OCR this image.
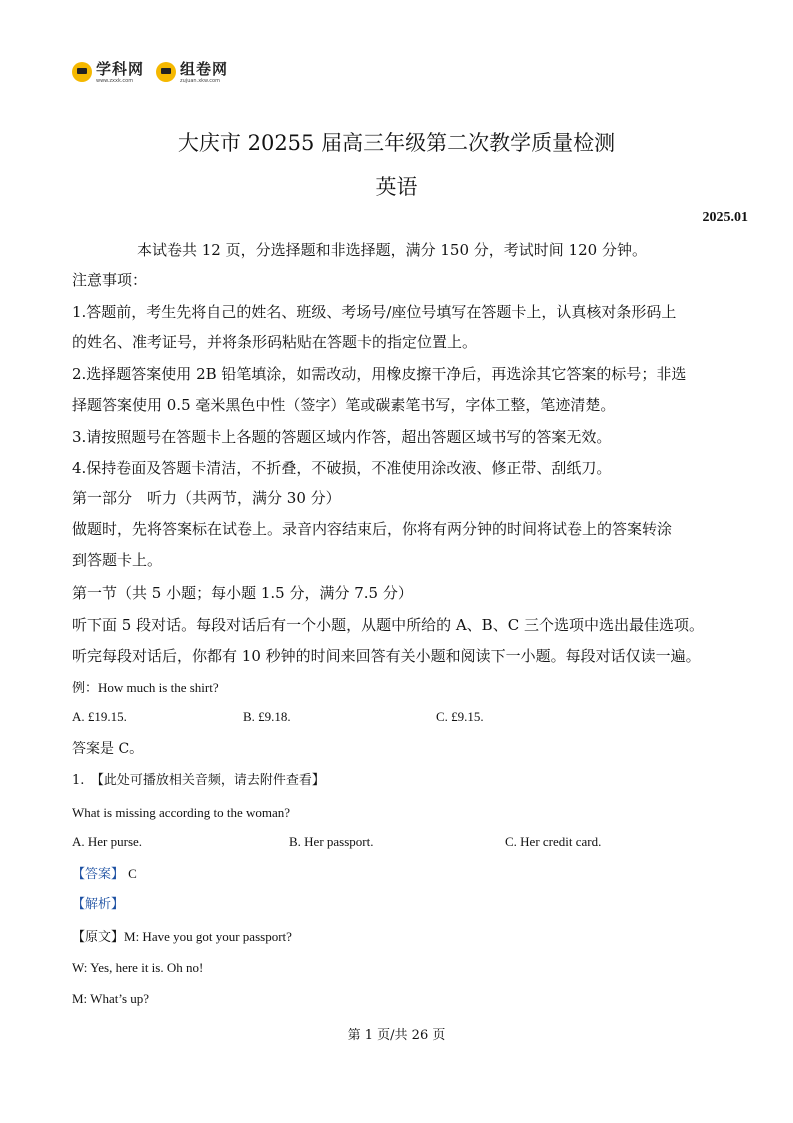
学科网
www.zxxk.com
组卷网
zujuan.xkw.com
大庆市 20255 届高三年级第二次教学质量检测
英语
2025.01
本试卷共 12 页，分选择题和非选择题，满分 150 分，考试时间 120 分钟。
注意事项：
1.答题前，考生先将自己的姓名、班级、考场号/座位号填写在答题卡上，认真核对条形码上
的姓名、准考证号，并将条形码粘贴在答题卡的指定位置上。
2.选择题答案使用 2B 铅笔填涂，如需改动，用橡皮擦干净后，再选涂其它答案的标号；非选
择题答案使用 0.5 毫米黑色中性（签字）笔或碳素笔书写，字体工整，笔迹清楚。
3.请按照题号在答题卡上各题的答题区域内作答，超出答题区域书写的答案无效。
4.保持卷面及答题卡清洁，不折叠，不破损，不准使用涂改液、修正带、刮纸刀。
第一部分　听力（共两节，满分 30 分）
做题时，先将答案标在试卷上。录音内容结束后，你将有两分钟的时间将试卷上的答案转涂
到答题卡上。
第一节（共 5 小题；每小题 1.5 分，满分 7.5 分）
听下面 5 段对话。每段对话后有一个小题，从题中所给的 A、B、C 三个选项中选出最佳选项。
听完每段对话后，你都有 10 秒钟的时间来回答有关小题和阅读下一小题。每段对话仅读一遍。
例：How much is the shirt?
A. £19.15.	B. £9.18.	C. £9.15.
答案是 C。
1.　【此处可播放相关音频，请去附件查看】
What is missing according to the woman?
A. Her purse.	B. Her passport.	C. Her credit card.
【答案】 C
【解析】
【原文】M: Have you got your passport?
W: Yes, here it is. Oh no!
M: What’s up?
第 1 页/共 26 页
